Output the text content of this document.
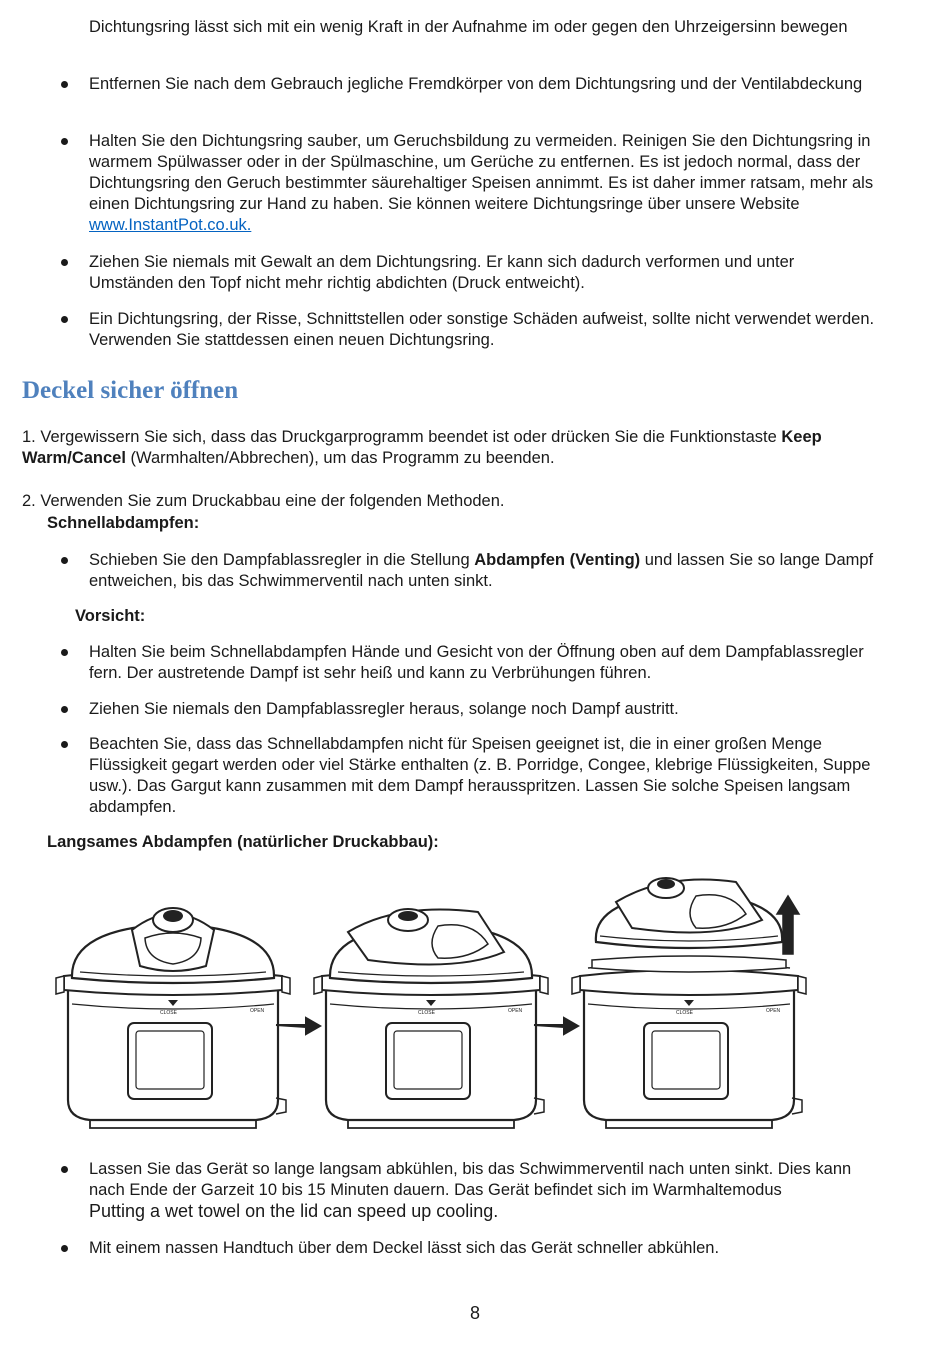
Dichtungsring lässt sich mit ein wenig Kraft in der Aufnahme im oder gegen den Uhrzeigersinn bewegen
Entfernen Sie nach dem Gebrauch jegliche Fremdkörper von dem Dichtungsring und der Ventilabdeckung
Halten Sie den Dichtungsring sauber, um Geruchsbildung zu vermeiden. Reinigen Sie den Dichtungsring in warmem Spülwasser oder in der Spülmaschine, um Gerüche zu entfernen. Es ist jedoch normal, dass der Dichtungsring den Geruch bestimmter säurehaltiger Speisen annimmt. Es ist daher immer ratsam, mehr als einen Dichtungsring zur Hand zu haben. Sie können weitere Dichtungsringe über unsere Website www.InstantPot.co.uk.
Ziehen Sie niemals mit Gewalt an dem Dichtungsring. Er kann sich dadurch verformen und unter Umständen den Topf nicht mehr richtig abdichten (Druck entweicht).
Ein Dichtungsring, der Risse, Schnittstellen oder sonstige Schäden aufweist, sollte nicht verwendet werden. Verwenden Sie stattdessen einen neuen Dichtungsring.
Deckel sicher öffnen
1. Vergewissern Sie sich, dass das Druckgarprogramm beendet ist oder drücken Sie die Funktionstaste Keep Warm/Cancel (Warmhalten/Abbrechen), um das Programm zu beenden.
2. Verwenden Sie zum Druckabbau eine der folgenden Methoden.
Schnellabdampfen:
Schieben Sie den Dampfablassregler in die Stellung Abdampfen (Venting) und lassen Sie so lange Dampf entweichen, bis das Schwimmerventil nach unten sinkt.
Vorsicht:
Halten Sie beim Schnellabdampfen Hände und Gesicht von der Öffnung oben auf dem Dampfablassregler fern. Der austretende Dampf ist sehr heiß und kann zu Verbrühungen führen.
Ziehen Sie niemals den Dampfablassregler heraus, solange noch Dampf austritt.
Beachten Sie, dass das Schnellabdampfen nicht für Speisen geeignet ist, die in einer großen Menge Flüssigkeit gegart werden oder viel Stärke enthalten (z. B. Porridge, Congee, klebrige Flüssigkeiten, Suppe usw.). Das Gargut kann zusammen mit dem Dampf herausspritzen. Lassen Sie solche Speisen langsam abdampfen.
Langsames Abdampfen (natürlicher Druckabbau):
CLOSE	OPEN	CLOSE	OPEN	CLOSE	OPEN
Lassen Sie das Gerät so lange langsam abkühlen, bis das Schwimmerventil nach unten sinkt. Dies kann nach Ende der Garzeit 10 bis 15 Minuten dauern. Das Gerät befindet sich im Warmhaltemodus
Putting a wet towel on the lid can speed up cooling.
Mit einem nassen Handtuch über dem Deckel lässt sich das Gerät schneller abkühlen.
8
